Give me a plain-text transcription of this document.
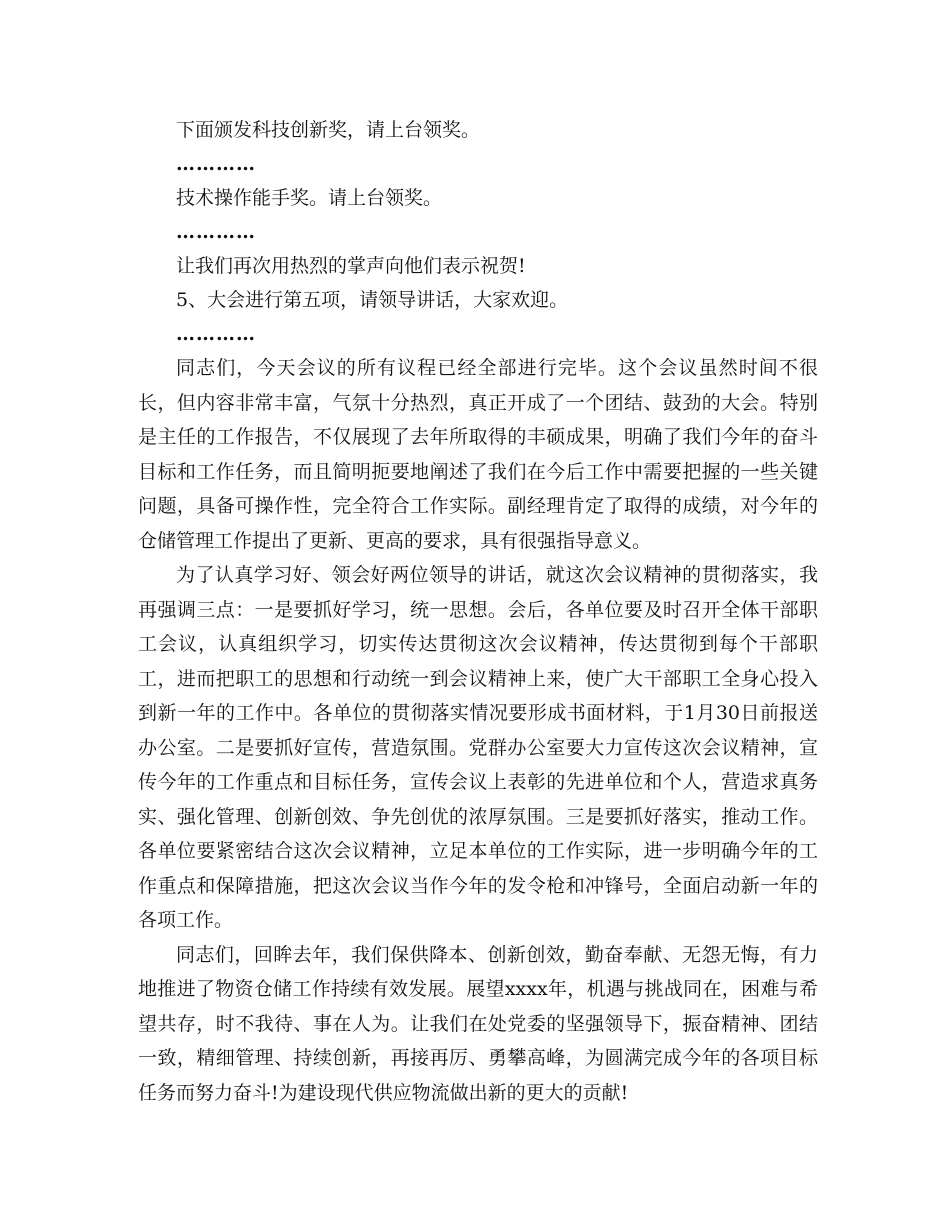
下面颁发科技创新奖，请上台领奖。

…………

技术操作能手奖。请上台领奖。

…………

让我们再次用热烈的掌声向他们表示祝贺!

5、大会进行第五项，请领导讲话，大家欢迎。

…………

同志们，今天会议的所有议程已经全部进行完毕。这个会议虽然时间不很长，但内容非常丰富，气氛十分热烈，真正开成了一个团结、鼓劲的大会。特别是主任的工作报告，不仅展现了去年所取得的丰硕成果，明确了我们今年的奋斗目标和工作任务，而且简明扼要地阐述了我们在今后工作中需要把握的一些关键问题，具备可操作性，完全符合工作实际。副经理肯定了取得的成绩，对今年的仓储管理工作提出了更新、更高的要求，具有很强指导意义。

为了认真学习好、领会好两位领导的讲话，就这次会议精神的贯彻落实，我再强调三点：一是要抓好学习，统一思想。会后，各单位要及时召开全体干部职工会议，认真组织学习，切实传达贯彻这次会议精神，传达贯彻到每个干部职工，进而把职工的思想和行动统一到会议精神上来，使广大干部职工全身心投入到新一年的工作中。各单位的贯彻落实情况要形成书面材料，于1月30日前报送办公室。二是要抓好宣传，营造氛围。党群办公室要大力宣传这次会议精神，宣传今年的工作重点和目标任务，宣传会议上表彰的先进单位和个人，营造求真务实、强化管理、创新创效、争先创优的浓厚氛围。三是要抓好落实，推动工作。各单位要紧密结合这次会议精神，立足本单位的工作实际，进一步明确今年的工作重点和保障措施，把这次会议当作今年的发令枪和冲锋号，全面启动新一年的各项工作。

同志们，回眸去年，我们保供降本、创新创效，勤奋奉献、无怨无悔，有力地推进了物资仓储工作持续有效发展。展望xxxx年，机遇与挑战同在，困难与希望共存，时不我待、事在人为。让我们在处党委的坚强领导下，振奋精神、团结一致，精细管理、持续创新，再接再厉、勇攀高峰，为圆满完成今年的各项目标任务而努力奋斗!为建设现代供应物流做出新的更大的贡献!
